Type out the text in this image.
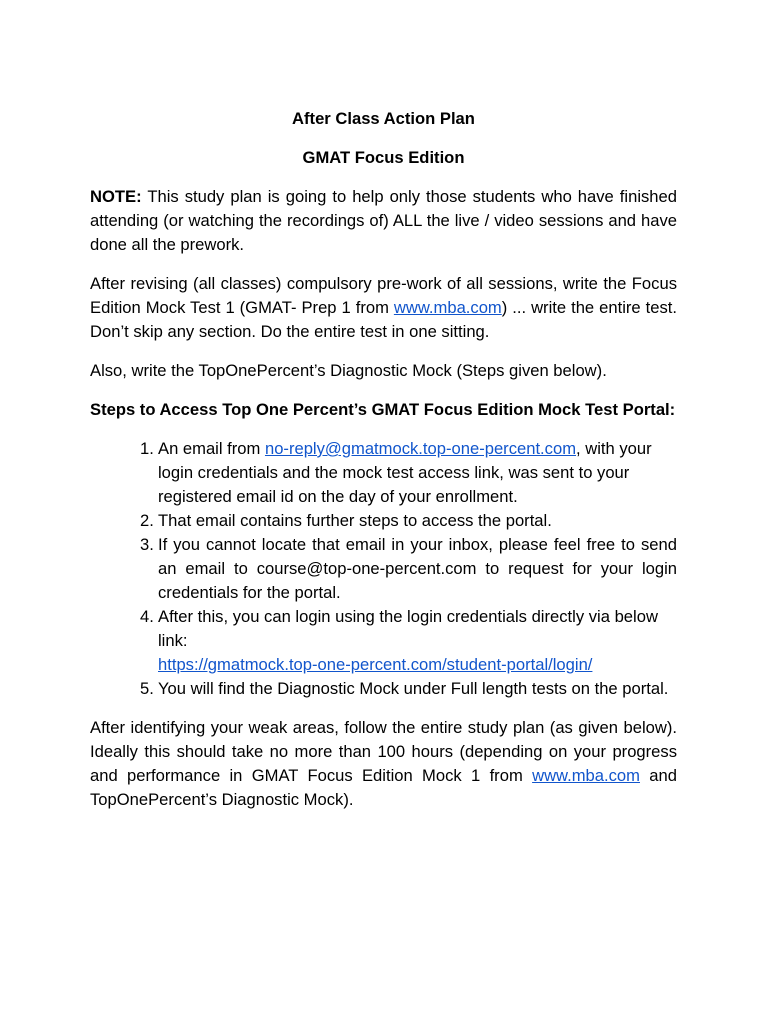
After Class Action Plan

GMAT Focus Edition

NOTE: This study plan is going to help only those students who have finished attending (or watching the recordings of) ALL the live / video sessions and have done all the prework.

After revising (all classes) compulsory pre-work of all sessions, write the Focus Edition Mock Test 1 (GMAT- Prep 1 from www.mba.com) ... write the entire test. Don’t skip any section. Do the entire test in one sitting.

Also, write the TopOnePercent’s Diagnostic Mock (Steps given below).

Steps to Access Top One Percent’s GMAT Focus Edition Mock Test Portal:

1. An email from no-reply@gmatmock.top-one-percent.com, with your login credentials and the mock test access link, was sent to your registered email id on the day of your enrollment.
2. That email contains further steps to access the portal.
3. If you cannot locate that email in your inbox, please feel free to send an email to course@top-one-percent.com to request for your login credentials for the portal.
4. After this, you can login using the login credentials directly via below link:
https://gmatmock.top-one-percent.com/student-portal/login/
5. You will find the Diagnostic Mock under Full length tests on the portal.

After identifying your weak areas, follow the entire study plan (as given below). Ideally this should take no more than 100 hours (depending on your progress and performance in GMAT Focus Edition Mock 1 from www.mba.com and TopOnePercent’s Diagnostic Mock).
